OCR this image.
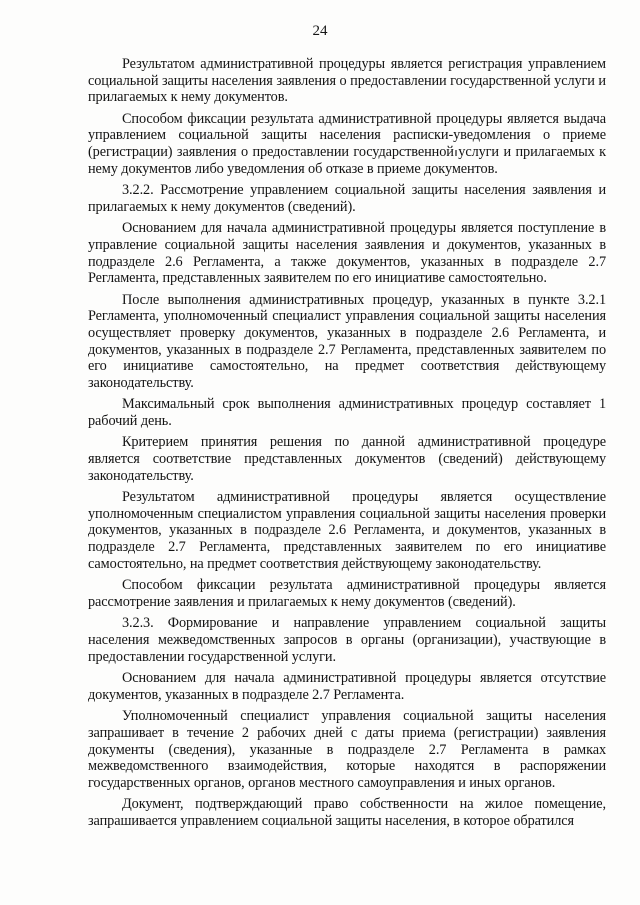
24

Результатом административной процедуры является регистрация управлением социальной защиты населения заявления о предоставлении государственной услуги и прилагаемых к нему документов.

Способом фиксации результата административной процедуры является выдача управлением социальной защиты населения расписки-уведомления о приеме (регистрации) заявления о предоставлении государственной услуги и прилагаемых к нему документов либо уведомления об отказе в приеме документов.

3.2.2. Рассмотрение управлением социальной защиты населения заявления и прилагаемых к нему документов (сведений).

Основанием для начала административной процедуры является поступление в управление социальной защиты населения заявления и документов, указанных в подразделе 2.6 Регламента, а также документов, указанных в подразделе 2.7 Регламента, представленных заявителем по его инициативе самостоятельно.

После выполнения административных процедур, указанных в пункте 3.2.1 Регламента, уполномоченный специалист управления социальной защиты населения осуществляет проверку документов, указанных в подразделе 2.6 Регламента, и документов, указанных в подразделе 2.7 Регламента, представленных заявителем по его инициативе самостоятельно, на предмет соответствия действующему законодательству.

Максимальный срок выполнения административных процедур составляет 1 рабочий день.

Критерием принятия решения по данной административной процедуре является соответствие представленных документов (сведений) действующему законодательству.

Результатом административной процедуры является осуществление уполномоченным специалистом управления социальной защиты населения проверки документов, указанных в подразделе 2.6 Регламента, и документов, указанных в подразделе 2.7 Регламента, представленных заявителем по его инициативе самостоятельно, на предмет соответствия действующему законодательству.

Способом фиксации результата административной процедуры является рассмотрение заявления и прилагаемых к нему документов (сведений).

3.2.3. Формирование и направление управлением социальной защиты населения межведомственных запросов в органы (организации), участвующие в предоставлении государственной услуги.

Основанием для начала административной процедуры является отсутствие документов, указанных в подразделе 2.7 Регламента.

Уполномоченный специалист управления социальной защиты населения запрашивает в течение 2 рабочих дней с даты приема (регистрации) заявления документы (сведения), указанные в подразделе 2.7 Регламента в рамках межведомственного взаимодействия, которые находятся в распоряжении государственных органов, органов местного самоуправления и иных органов.

Документ, подтверждающий право собственности на жилое помещение, запрашивается управлением социальной защиты населения, в которое обратился
